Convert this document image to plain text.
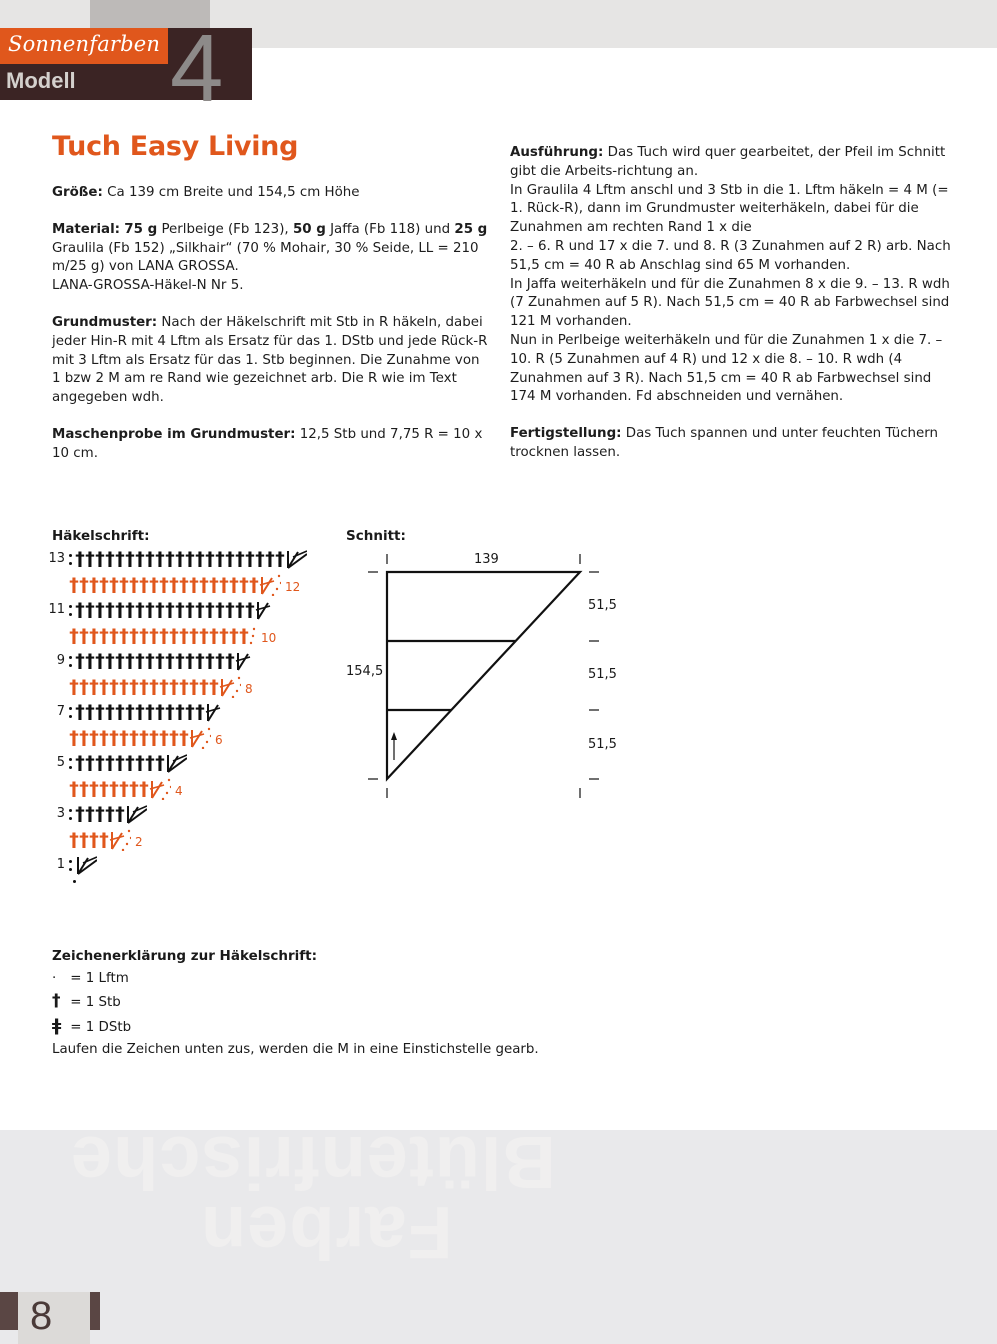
Sonnenfarben
Modell 4
Tuch Easy Living

Größe: Ca 139 cm Breite und 154,5 cm Höhe

Material: 75 g Perlbeige (Fb 123), 50 g Jaffa (Fb 118) und 25 g Graulila (Fb 152) „Silkhair“ (70 % Mohair, 30 % Seide, LL = 210 m/25 g) von LANA GROSSA.
LANA-GROSSA-Häkel-N Nr 5.

Grundmuster: Nach der Häkelschrift mit Stb in R häkeln, dabei jeder Hin-R mit 4 Lftm als Ersatz für das 1. DStb und jede Rück-R mit 3 Lftm als Ersatz für das 1. Stb beginnen. Die Zunahme von 1 bzw 2 M am re Rand wie gezeichnet arb. Die R wie im Text angegeben wdh.

Maschenprobe im Grundmuster: 12,5 Stb und 7,75 R = 10 x 10 cm.

Ausführung: Das Tuch wird quer gearbeitet, der Pfeil im Schnitt gibt die Arbeits-richtung an.

In Graulila 4 Lftm anschl und 3 Stb in die 1. Lftm häkeln = 4 M (= 1. Rück-R), dann im Grundmuster weiterhäkeln, dabei für die Zunahmen am rechten Rand 1 x die

2. – 6. R und 17 x die 7. und 8. R (3 Zunahmen auf 2 R) arb. Nach 51,5 cm = 40 R ab Anschlag sind 65 M vorhanden.

In Jaffa weiterhäkeln und für die Zunahmen 8 x die 9. – 13. R wdh (7 Zunahmen auf 5 R). Nach 51,5 cm = 40 R ab Farbwechsel sind 121 M vorhanden.

Nun in Perlbeige weiterhäkeln und für die Zunahmen 1 x die 7. – 10. R (5 Zunahmen auf 4 R) und 12 x die 8. – 10. R wdh (4 Zunahmen auf 3 R). Nach 51,5 cm = 40 R ab Farbwechsel sind 174 M vorhanden. Fd abschneiden und vernähen.

Fertigstellung: Das Tuch spannen und unter feuchten Tüchern trocknen lassen.

Häkelschrift:
13 †††††††††††††††††††††
†††††††††††††††††††	12
11 ††††††††††††††††††
††††††††††††††††††	10
9 ††††††††††††††††
†††††††††††††††	8
7 †††††††††††††
††††††††††††	6
5 †††††††††
††††††††	4
3 †††††
††††	2
1
Schnitt:
139
154,5
51,5
51,5
51,5
Zeichenerklärung zur Häkelschrift:
· = 1 Lftm
† = 1 Stb
ǂ = 1 DStb
Laufen die Zeichen unten zus, werden die M in eine Einstichstelle gearb.
Blütenfrische
Farben
8
